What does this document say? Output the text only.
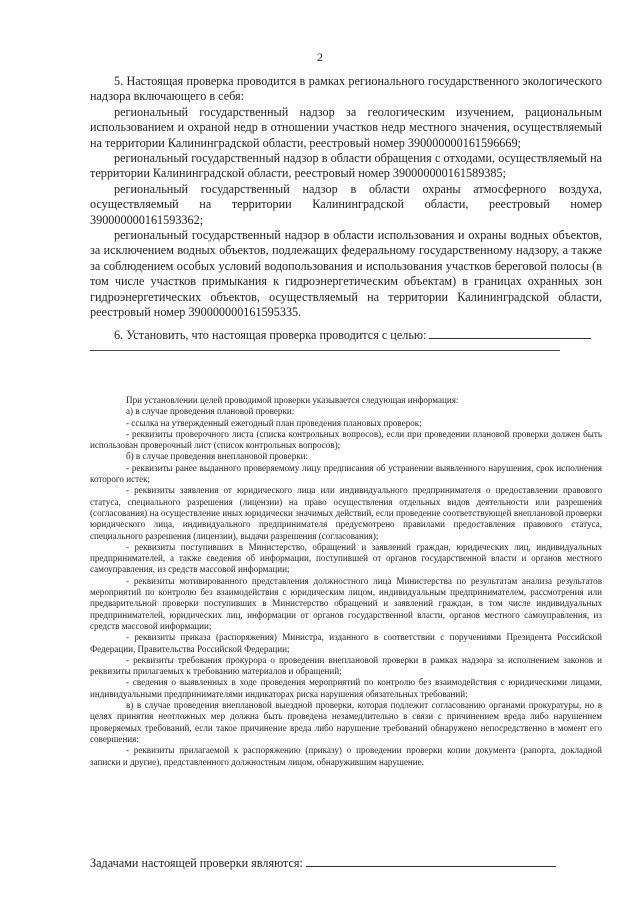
2

5. Настоящая проверка проводится в рамках регионального государственного экологического надзора включающего в себя:

региональный государственный надзор за геологическим изучением, рациональным использованием и охраной недр в отношении участков недр местного значения, осуществляемый на территории Калининградской области, реестровый номер 390000000161596669;

региональный государственный надзор в области обращения с отходами, осуществляемый на территории Калининградской области, реестровый номер 390000000161589385;

региональный государственный надзор в области охраны атмосферного воздуха, осуществляемый на территории Калининградской области, реестровый номер 390000000161593362;

региональный государственный надзор в области использования и охраны водных объектов, за исключением водных объектов, подлежащих федеральному государственному надзору, а также за соблюдением особых условий водопользования и использования участков береговой полосы (в том числе участков примыкания к гидроэнергетическим объектам) в границах охранных зон гидроэнергетических объектов, осуществляемый на территории Калининградской области, реестровый номер 390000000161595335.

6. Установить, что настоящая проверка проводится с целью:

При установлении целей проводимой проверки указывается следующая информация:

а) в случае проведения плановой проверки:

- ссылка на утвержденный ежегодный план проведения плановых проверок;

- реквизиты проверочного листа (списка контрольных вопросов), если при проведении плановой проверки должен быть использован проверочный лист (список контрольных вопросов);

б) в случае проведения внеплановой проверки:

- реквизиты ранее выданного проверяемому лицу предписания об устранении выявленного нарушения, срок исполнения которого истек;

- реквизиты заявления от юридического лица или индивидуального предпринимателя о предоставлении правового статуса, специального разрешения (лицензии) на право осуществления отдельных видов деятельности или разрешения (согласования) на осуществление иных юридически значимых действий, если проведение соответствующей внеплановой проверки юридического лица, индивидуального предпринимателя предусмотрено правилами предоставления правового статуса, специального разрешения (лицензии), выдачи разрешения (согласования);

- реквизиты поступивших в Министерство, обращений и заявлений граждан, юридических лиц, индивидуальных предпринимателей, а также сведения об информации, поступившей от органов государственной власти и органов местного самоуправления, из средств массовой информации;

- реквизиты мотивированного представления должностного лица Министерства по результатам анализа результатов мероприятий по контролю без взаимодействия с юридическим лицом, индивидуальным предпринимателем, рассмотрения или предварительной проверки поступивших в Министерство обращений и заявлений граждан, в том числе индивидуальных предпринимателей, юридических лиц, информации от органов государственной власти, органов местного самоуправления, из средств массовой информации;

- реквизиты приказа (распоряжения) Министра, изданного в соответствии с поручениями Президента Российской Федерации, Правительства Российской Федерации;

- реквизиты требования прокурора о проведении внеплановой проверки в рамках надзора за исполнением законов и реквизиты прилагаемых к требованию материалов и обращений;

- сведения о выявленных в ходе проведения мероприятий по контролю без взаимодействия с юридическими лицами, индивидуальными предпринимателями индикаторах риска нарушения обязательных требований;

в) в случае проведения внеплановой выездной проверки, которая подлежит согласованию органами прокуратуры, но в целях принятия неотложных мер должна быть проведена незамедлительно в связи с причинением вреда либо нарушением проверяемых требований, если такое причинение вреда либо нарушение требований обнаружено непосредственно в момент его совершения:

- реквизиты прилагаемой к распоряжению (приказу) о проведении проверки копии документа (рапорта, докладной записки и другие), представленного должностным лицом, обнаружившим нарушение.

Задачами настоящей проверки являются:
